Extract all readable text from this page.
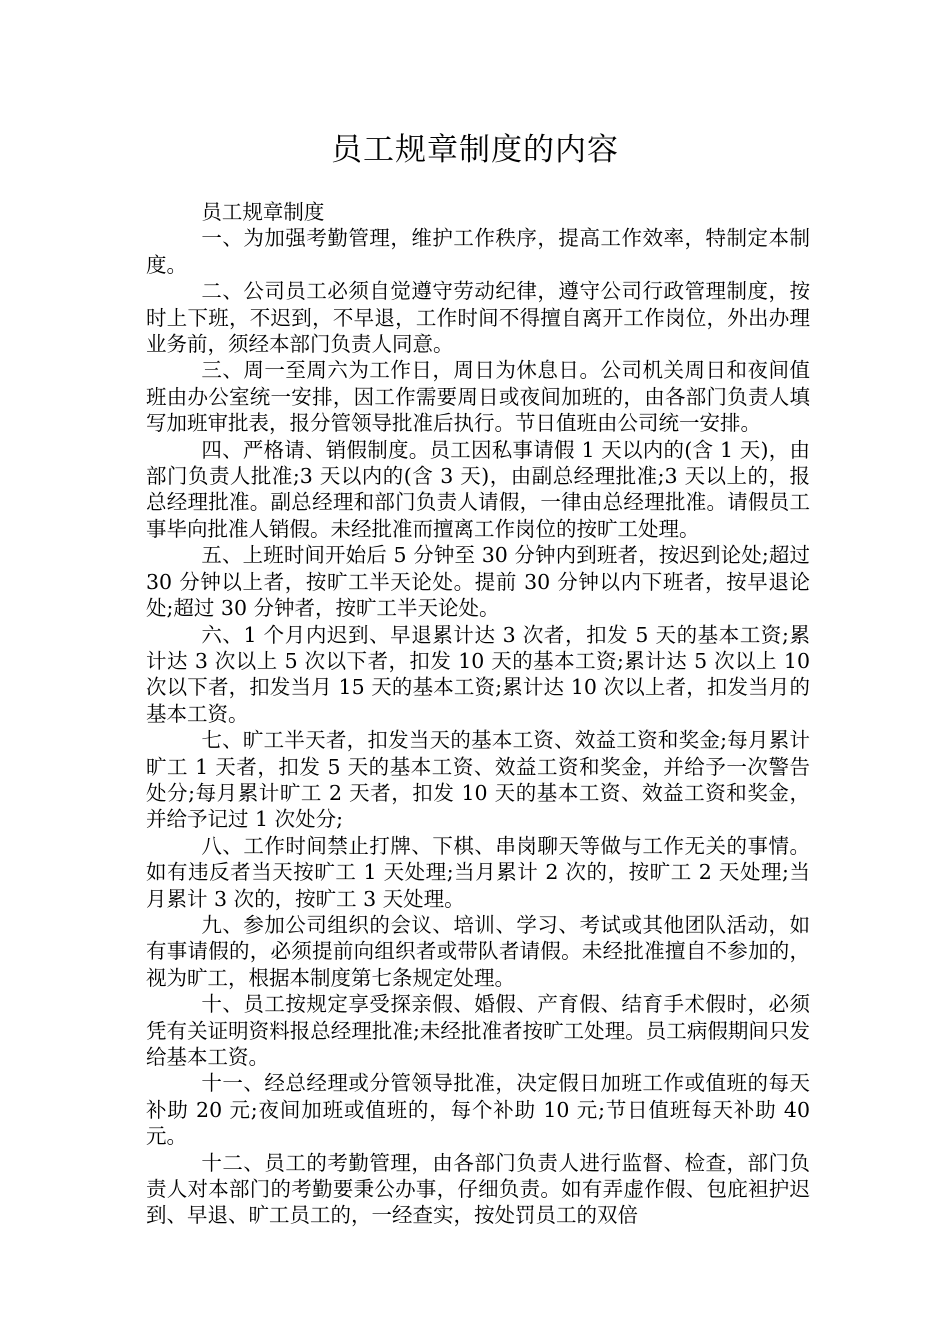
员工规章制度的内容

员工规章制度

一、为加强考勤管理，维护工作秩序，提高工作效率，特制定本制度。

二、公司员工必须自觉遵守劳动纪律，遵守公司行政管理制度，按时上下班，不迟到，不早退，工作时间不得擅自离开工作岗位，外出办理业务前，须经本部门负责人同意。

三、周一至周六为工作日，周日为休息日。公司机关周日和夜间值班由办公室统一安排，因工作需要周日或夜间加班的，由各部门负责人填写加班审批表，报分管领导批准后执行。节日值班由公司统一安排。

四、严格请、销假制度。员工因私事请假 1 天以内的(含 1 天)，由部门负责人批准;3 天以内的(含 3 天)，由副总经理批准;3 天以上的，报总经理批准。副总经理和部门负责人请假，一律由总经理批准。请假员工事毕向批准人销假。未经批准而擅离工作岗位的按旷工处理。

五、上班时间开始后 5 分钟至 30 分钟内到班者，按迟到论处;超过 30 分钟以上者，按旷工半天论处。提前 30 分钟以内下班者，按早退论处;超过 30 分钟者，按旷工半天论处。

六、1 个月内迟到、早退累计达 3 次者，扣发 5 天的基本工资;累计达 3 次以上 5 次以下者，扣发 10 天的基本工资;累计达 5 次以上 10 次以下者，扣发当月 15 天的基本工资;累计达 10 次以上者，扣发当月的基本工资。

七、旷工半天者，扣发当天的基本工资、效益工资和奖金;每月累计旷工 1 天者，扣发 5 天的基本工资、效益工资和奖金，并给予一次警告处分;每月累计旷工 2 天者，扣发 10 天的基本工资、效益工资和奖金，并给予记过 1 次处分;

八、工作时间禁止打牌、下棋、串岗聊天等做与工作无关的事情。如有违反者当天按旷工 1 天处理;当月累计 2 次的，按旷工 2 天处理;当月累计 3 次的，按旷工 3 天处理。

九、参加公司组织的会议、培训、学习、考试或其他团队活动，如有事请假的，必须提前向组织者或带队者请假。未经批准擅自不参加的，视为旷工，根据本制度第七条规定处理。

十、员工按规定享受探亲假、婚假、产育假、结育手术假时，必须凭有关证明资料报总经理批准;未经批准者按旷工处理。员工病假期间只发给基本工资。

十一、经总经理或分管领导批准，决定假日加班工作或值班的每天补助 20 元;夜间加班或值班的，每个补助 10 元;节日值班每天补助 40 元。

十二、员工的考勤管理，由各部门负责人进行监督、检查，部门负责人对本部门的考勤要秉公办事，仔细负责。如有弄虚作假、包庇袒护迟到、早退、旷工员工的，一经查实，按处罚员工的双倍
